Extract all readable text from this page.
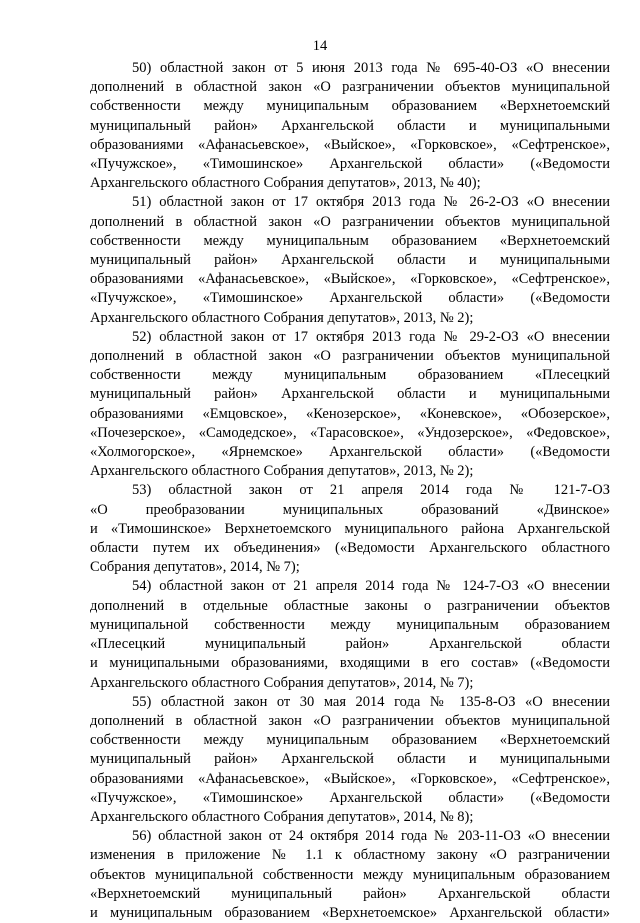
14

50) областной закон от 5 июня 2013 года № 695-40-ОЗ «О внесении
дополнений в областной закон «О разграничении объектов муниципальной
собственности между муниципальным образованием «Верхнетоемский
муниципальный район» Архангельской области и муниципальными
образованиями «Афанасьевское», «Выйское», «Горковское», «Сефтренское»,
«Пучужское», «Тимошинское» Архангельской области» («Ведомости
Архангельского областного Собрания депутатов», 2013, № 40);

51) областной закон от 17 октября 2013 года № 26-2-ОЗ «О внесении
дополнений в областной закон «О разграничении объектов муниципальной
собственности между муниципальным образованием «Верхнетоемский
муниципальный район» Архангельской области и муниципальными
образованиями «Афанасьевское», «Выйское», «Горковское», «Сефтренское»,
«Пучужское», «Тимошинское» Архангельской области» («Ведомости
Архангельского областного Собрания депутатов», 2013, № 2);

52) областной закон от 17 октября 2013 года № 29-2-ОЗ «О внесении
дополнений в областной закон «О разграничении объектов муниципальной
собственности между муниципальным образованием «Плесецкий
муниципальный район» Архангельской области и муниципальными
образованиями «Емцовское», «Кенозерское», «Коневское», «Обозерское»,
«Почезерское», «Самодедское», «Тарасовское», «Ундозерское», «Федовское»,
«Холмогорское», «Ярнемское» Архангельской области» («Ведомости
Архангельского областного Собрания депутатов», 2013, № 2);

53) областной закон от 21 апреля 2014 года № 121-7-ОЗ
«О преобразовании муниципальных образований «Двинское»
и «Тимошинское» Верхнетоемского муниципального района Архангельской
области путем их объединения» («Ведомости Архангельского областного
Собрания депутатов», 2014, № 7);

54) областной закон от 21 апреля 2014 года № 124-7-ОЗ «О внесении
дополнений в отдельные областные законы о разграничении объектов
муниципальной собственности между муниципальным образованием
«Плесецкий муниципальный район» Архангельской области
и муниципальными образованиями, входящими в его состав» («Ведомости
Архангельского областного Собрания депутатов», 2014, № 7);

55) областной закон от 30 мая 2014 года № 135-8-ОЗ «О внесении
дополнений в областной закон «О разграничении объектов муниципальной
собственности между муниципальным образованием «Верхнетоемский
муниципальный район» Архангельской области и муниципальными
образованиями «Афанасьевское», «Выйское», «Горковское», «Сефтренское»,
«Пучужское», «Тимошинское» Архангельской области» («Ведомости
Архангельского областного Собрания депутатов», 2014, № 8);

56) областной закон от 24 октября 2014 года № 203-11-ОЗ «О внесении
изменения в приложение № 1.1 к областному закону «О разграничении
объектов муниципальной собственности между муниципальным образованием
«Верхнетоемский муниципальный район» Архангельской области
и муниципальным образованием «Верхнетоемское» Архангельской области»
